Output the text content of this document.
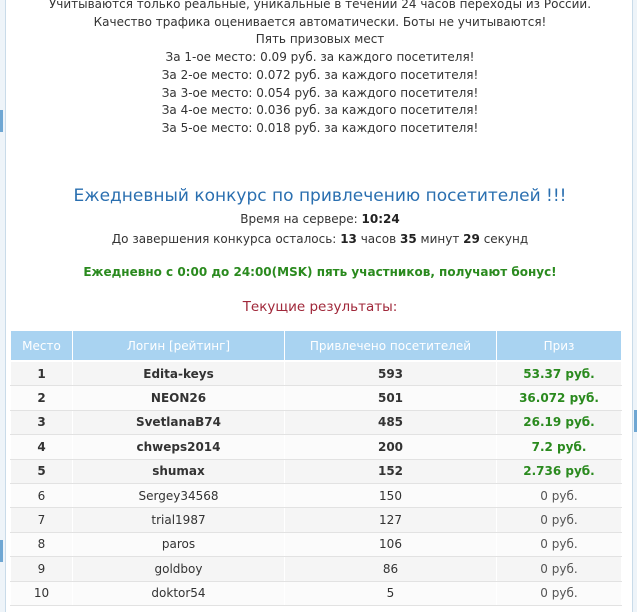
Учитываются только реальные, уникальные в течении 24 часов переходы из России.
Качество трафика оценивается автоматически. Боты не учитываются!
Пять призовых мест
За 1-ое место: 0.09 руб. за каждого посетителя!
За 2-ое место: 0.072 руб. за каждого посетителя!
За 3-ое место: 0.054 руб. за каждого посетителя!
За 4-ое место: 0.036 руб. за каждого посетителя!
За 5-ое место: 0.018 руб. за каждого посетителя!
Ежедневный конкурс по привлечению посетителей !!!
Время на сервере: 10:24
До завершения конкурса осталось: 13 часов 35 минут 29 секунд
Ежедневно с 0:00 до 24:00(MSK) пять участников, получают бонус!
Текущие результаты:
Место	Логин [рейтинг]	Привлечено посетителей	Приз
1	Edita-keys	593	53.37 руб.
2	NEON26	501	36.072 руб.
3	SvetlanaB74	485	26.19 руб.
4	chweps2014	200	7.2 руб.
5	shumax	152	2.736 руб.
6	Sergey34568	150	0 руб.
7	trial1987	127	0 руб.
8	paros	106	0 руб.
9	goldboy	86	0 руб.
10	doktor54	5	0 руб.
